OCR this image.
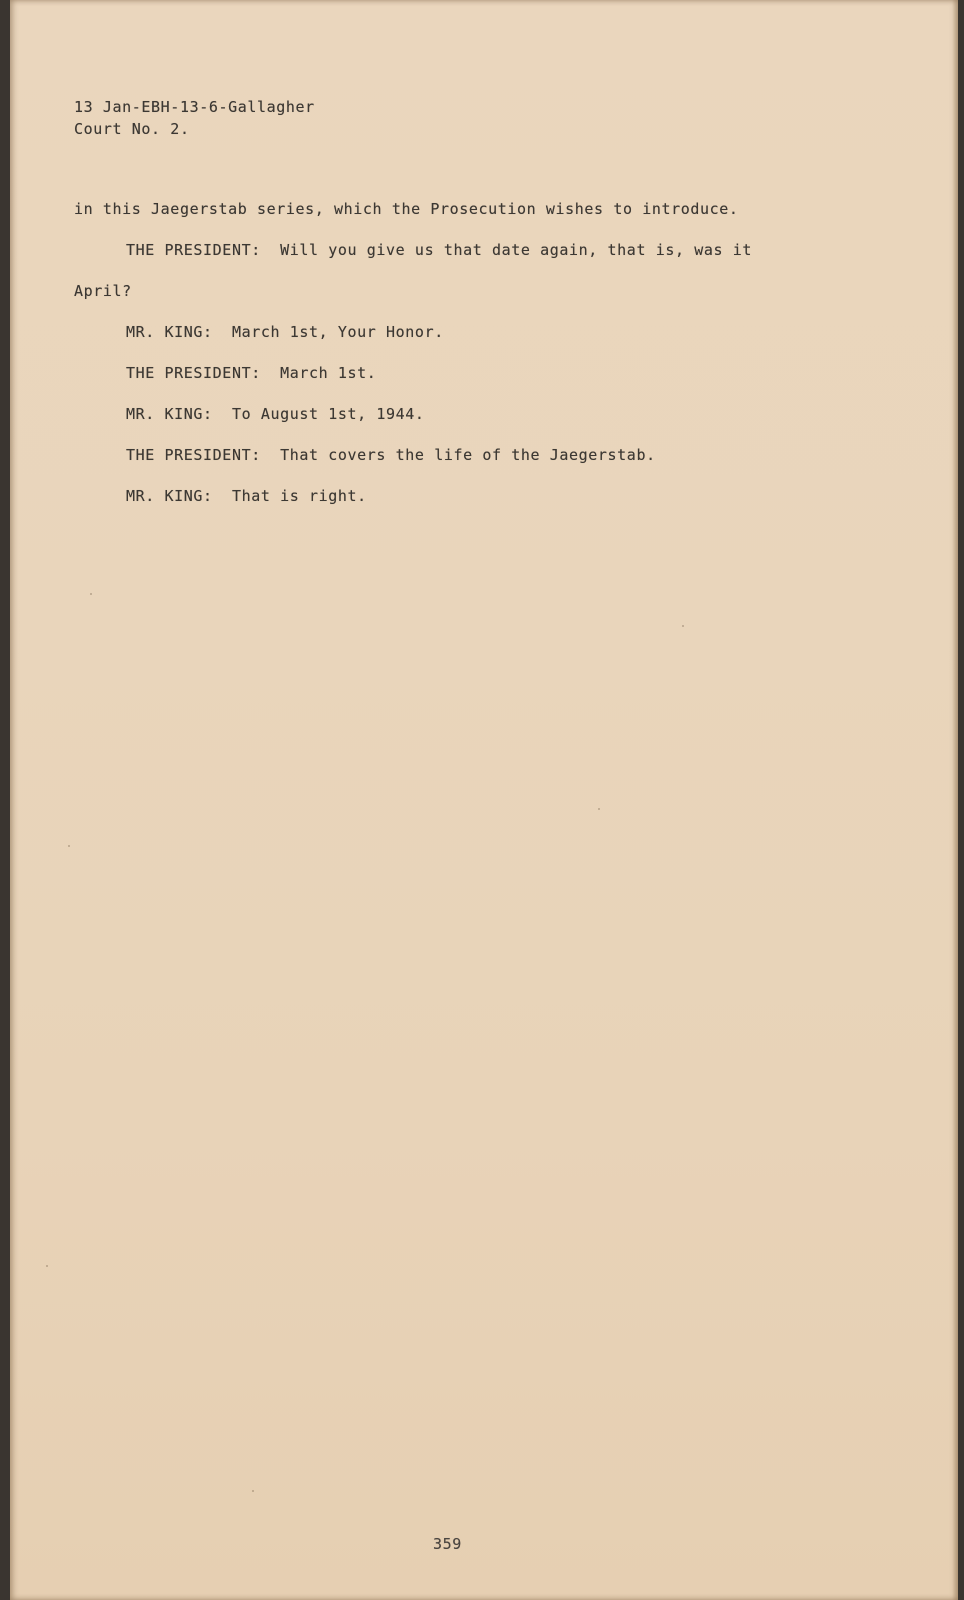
13 Jan-EBH-13-6-Gallagher
Court No. 2.
in this Jaegerstab series, which the Prosecution wishes to introduce.
THE PRESIDENT:  Will you give us that date again, that is, was it
April?
MR. KING:  March 1st, Your Honor.
THE PRESIDENT:  March 1st.
MR. KING:  To August 1st, 1944.
THE PRESIDENT:  That covers the life of the Jaegerstab.
MR. KING:  That is right.
359
